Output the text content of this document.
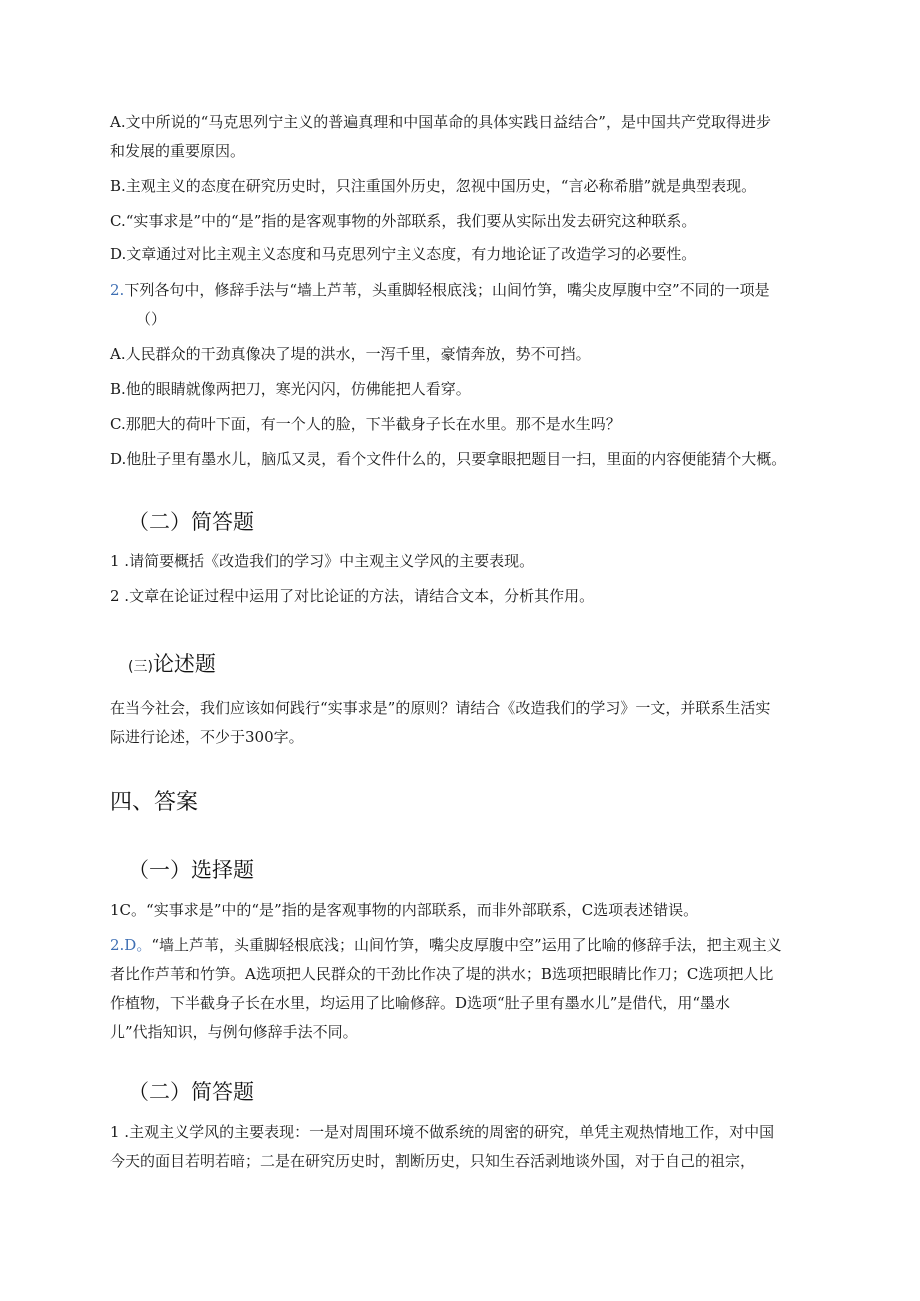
A.文中所说的“马克思列宁主义的普遍真理和中国革命的具体实践日益结合”，是中国共产党取得进步
和发展的重要原因。
B.主观主义的态度在研究历史时，只注重国外历史，忽视中国历史，“言必称希腊”就是典型表现。
C.“实事求是”中的“是”指的是客观事物的外部联系，我们要从实际出发去研究这种联系。
D.文章通过对比主观主义态度和马克思列宁主义态度，有力地论证了改造学习的必要性。
2.下列各句中，修辞手法与“墙上芦苇，头重脚轻根底浅；山间竹笋，嘴尖皮厚腹中空”不同的一项是
（）
A.人民群众的干劲真像决了堤的洪水，一泻千里，豪情奔放，势不可挡。
B.他的眼睛就像两把刀，寒光闪闪，仿佛能把人看穿。
C.那肥大的荷叶下面，有一个人的脸，下半截身子长在水里。那不是水生吗？
D.他肚子里有墨水儿，脑瓜又灵，看个文件什么的，只要拿眼把题目一扫，里面的内容便能猜个大概。
（二）简答题
1 .请简要概括《改造我们的学习》中主观主义学风的主要表现。
2 .文章在论证过程中运用了对比论证的方法，请结合文本，分析其作用。
(三)论述题
在当今社会，我们应该如何践行“实事求是”的原则？请结合《改造我们的学习》一文，并联系生活实
际进行论述，不少于300字。
四、答案
（一）选择题
1C。“实事求是”中的“是”指的是客观事物的内部联系，而非外部联系，C选项表述错误。
2.D。“墙上芦苇，头重脚轻根底浅；山间竹笋，嘴尖皮厚腹中空”运用了比喻的修辞手法，把主观主义
者比作芦苇和竹笋。A选项把人民群众的干劲比作决了堤的洪水；B选项把眼睛比作刀；C选项把人比
作植物，下半截身子长在水里，均运用了比喻修辞。D选项“肚子里有墨水儿”是借代，用“墨水
儿”代指知识，与例句修辞手法不同。
（二）简答题
1 .主观主义学风的主要表现：一是对周围环境不做系统的周密的研究，单凭主观热情地工作，对中国
今天的面目若明若暗；二是在研究历史时，割断历史，只知生吞活剥地谈外国，对于自己的祖宗，
